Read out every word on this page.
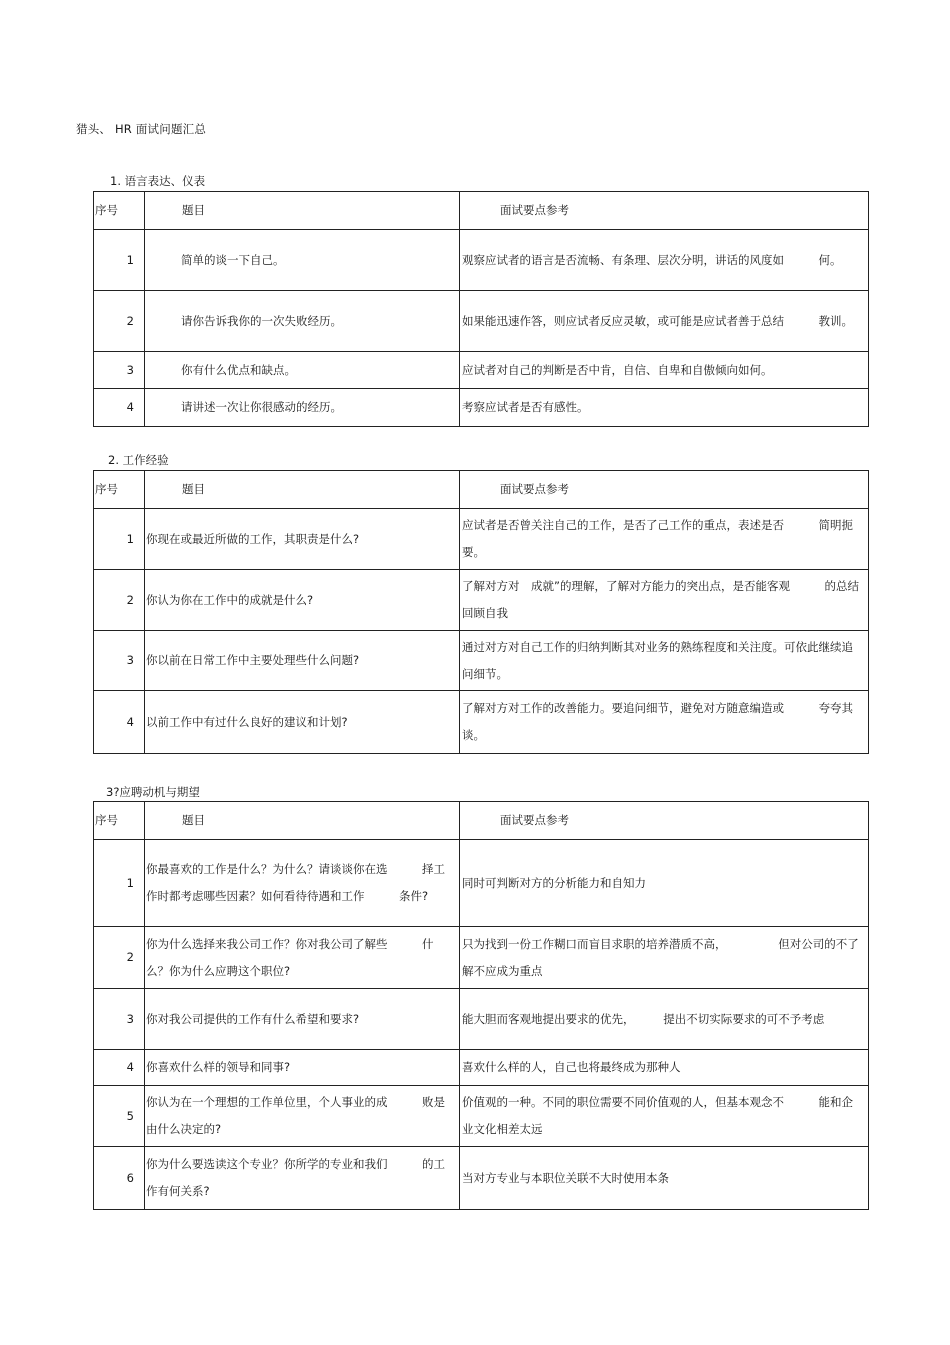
猎头、 HR 面试问题汇总
1. 语言表达、仪表
序号	题目	面试要点参考
1	简单的谈一下自己。	观察应试者的语言是否流畅、有条理、层次分明，讲话的风度如　　　何。
2	请你告诉我你的一次失败经历。	如果能迅速作答，则应试者反应灵敏，或可能是应试者善于总结　　　教训。
3	你有什么优点和缺点。	应试者对自己的判断是否中肯，自信、自卑和自傲倾向如何。
4	请讲述一次让你很感动的经历。	考察应试者是否有感性。
2. 工作经验
序号	题目	面试要点参考
1	你现在或最近所做的工作，其职责是什么?	应试者是否曾关注自己的工作，是否了己工作的重点，表述是否　　　简明扼要。
2	你认为你在工作中的成就是什么?	了解对方对　成就”的理解，了解对方能力的突出点，是否能客观　　　的总结回顾自我
3	你以前在日常工作中主要处理些什么问题?	通过对方对自己工作的归纳判断其对业务的熟练程度和关注度。可依此继续追问细节。
4	以前工作中有过什么良好的建议和计划?	了解对方对工作的改善能力。要追问细节，避免对方随意编造或　　　夸夸其谈。
3?应聘动机与期望
序号	题目	面试要点参考
1	你最喜欢的工作是什么？为什么？请谈谈你在选　　　择工作时都考虑哪些因素？如何看待待遇和工作　　　条件?	同时可判断对方的分析能力和自知力
2	你为什么选择来我公司工作？你对我公司了解些　　　什么？你为什么应聘这个职位?	只为找到一份工作糊口而盲目求职的培养潜质不高，　　　　　但对公司的不了解不应成为重点
3	你对我公司提供的工作有什么希望和要求?	能大胆而客观地提出要求的优先，　　　提出不切实际要求的可不予考虑
4	你喜欢什么样的领导和同事?	喜欢什么样的人，自己也将最终成为那种人
5	你认为在一个理想的工作单位里，个人事业的成　　　败是由什么决定的?	价值观的一种。不同的职位需要不同价值观的人，但基本观念不　　　能和企业文化相差太远
6	你为什么要选读这个专业？你所学的专业和我们　　　的工作有何关系?	当对方专业与本职位关联不大时使用本条
